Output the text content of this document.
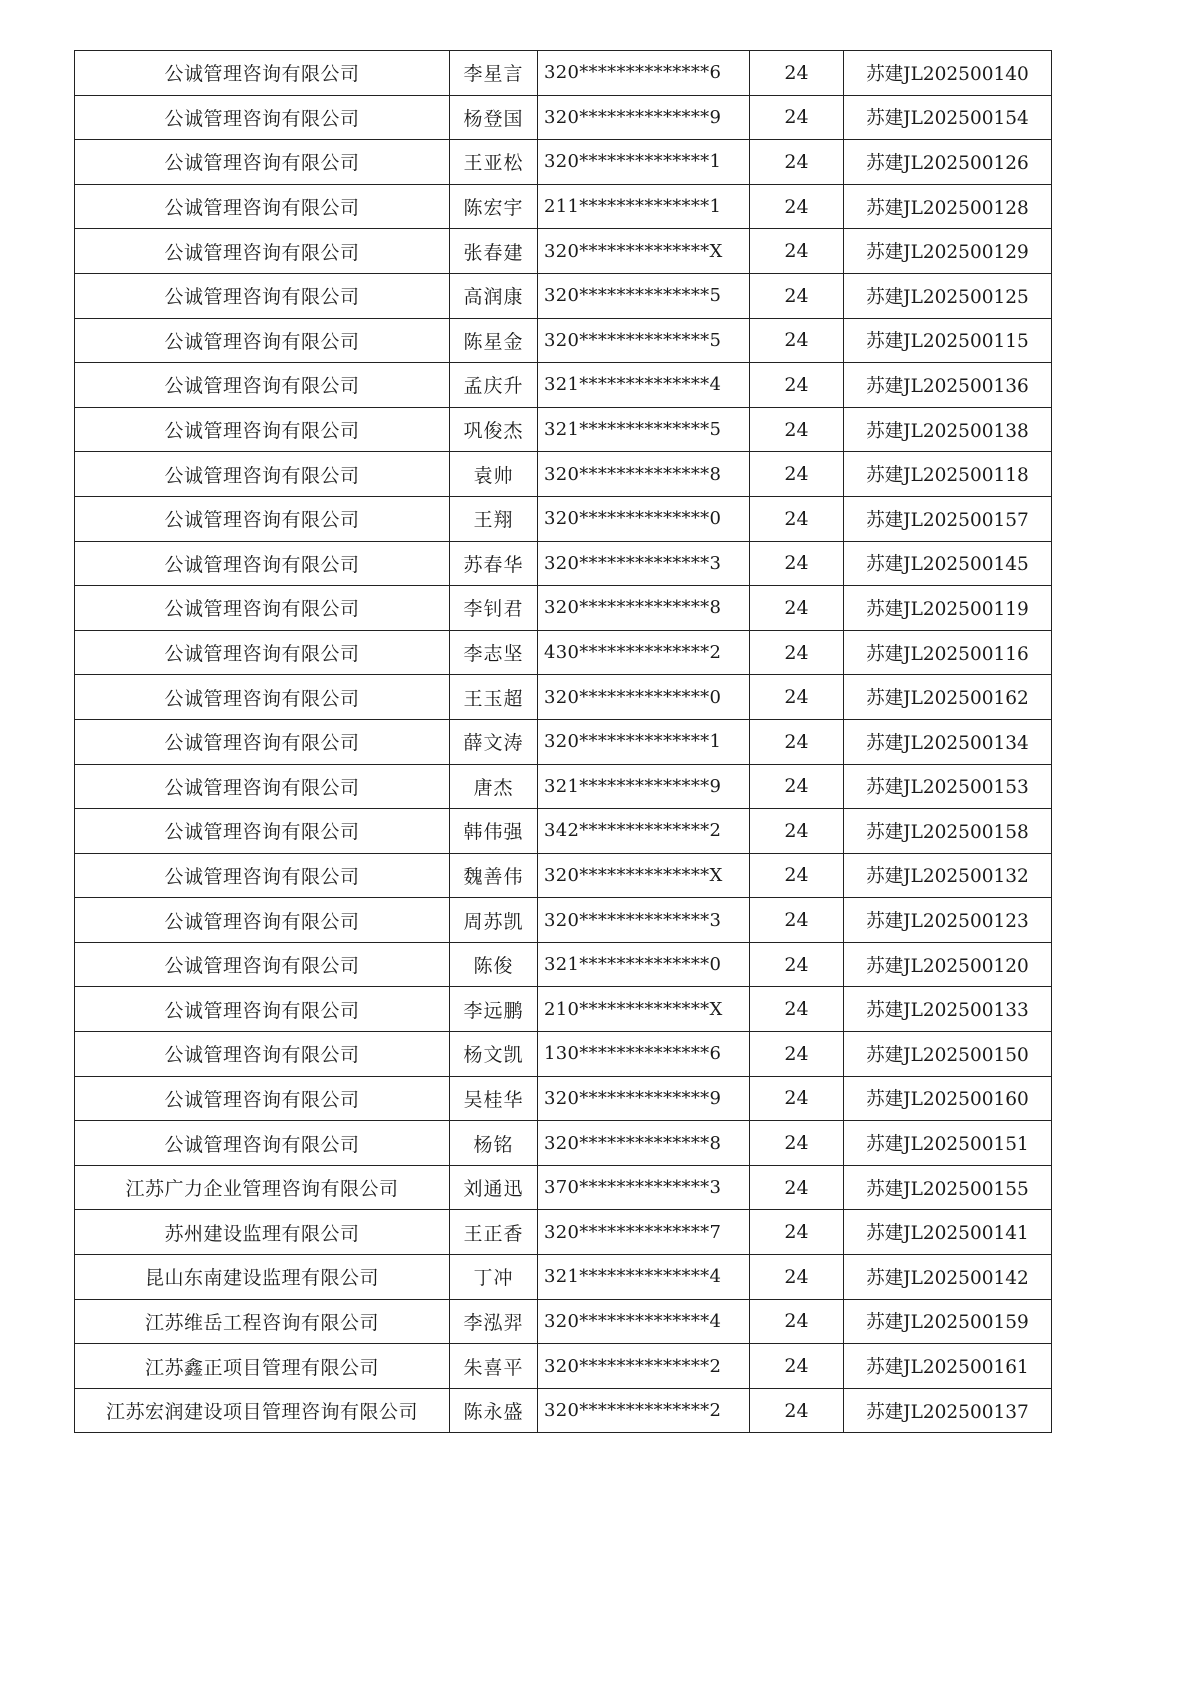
公诚管理咨询有限公司	李星言	320**************6	24	苏建JL202500140
公诚管理咨询有限公司	杨登国	320**************9	24	苏建JL202500154
公诚管理咨询有限公司	王亚松	320**************1	24	苏建JL202500126
公诚管理咨询有限公司	陈宏宇	211**************1	24	苏建JL202500128
公诚管理咨询有限公司	张春建	320**************X	24	苏建JL202500129
公诚管理咨询有限公司	高润康	320**************5	24	苏建JL202500125
公诚管理咨询有限公司	陈星金	320**************5	24	苏建JL202500115
公诚管理咨询有限公司	孟庆升	321**************4	24	苏建JL202500136
公诚管理咨询有限公司	巩俊杰	321**************5	24	苏建JL202500138
公诚管理咨询有限公司	袁帅	320**************8	24	苏建JL202500118
公诚管理咨询有限公司	王翔	320**************0	24	苏建JL202500157
公诚管理咨询有限公司	苏春华	320**************3	24	苏建JL202500145
公诚管理咨询有限公司	李钊君	320**************8	24	苏建JL202500119
公诚管理咨询有限公司	李志坚	430**************2	24	苏建JL202500116
公诚管理咨询有限公司	王玉超	320**************0	24	苏建JL202500162
公诚管理咨询有限公司	薛文涛	320**************1	24	苏建JL202500134
公诚管理咨询有限公司	唐杰	321**************9	24	苏建JL202500153
公诚管理咨询有限公司	韩伟强	342**************2	24	苏建JL202500158
公诚管理咨询有限公司	魏善伟	320**************X	24	苏建JL202500132
公诚管理咨询有限公司	周苏凯	320**************3	24	苏建JL202500123
公诚管理咨询有限公司	陈俊	321**************0	24	苏建JL202500120
公诚管理咨询有限公司	李远鹏	210**************X	24	苏建JL202500133
公诚管理咨询有限公司	杨文凯	130**************6	24	苏建JL202500150
公诚管理咨询有限公司	吴桂华	320**************9	24	苏建JL202500160
公诚管理咨询有限公司	杨铭	320**************8	24	苏建JL202500151
江苏广力企业管理咨询有限公司	刘通迅	370**************3	24	苏建JL202500155
苏州建设监理有限公司	王正香	320**************7	24	苏建JL202500141
昆山东南建设监理有限公司	丁冲	321**************4	24	苏建JL202500142
江苏维岳工程咨询有限公司	李泓羿	320**************4	24	苏建JL202500159
江苏鑫正项目管理有限公司	朱喜平	320**************2	24	苏建JL202500161
江苏宏润建设项目管理咨询有限公司	陈永盛	320**************2	24	苏建JL202500137
